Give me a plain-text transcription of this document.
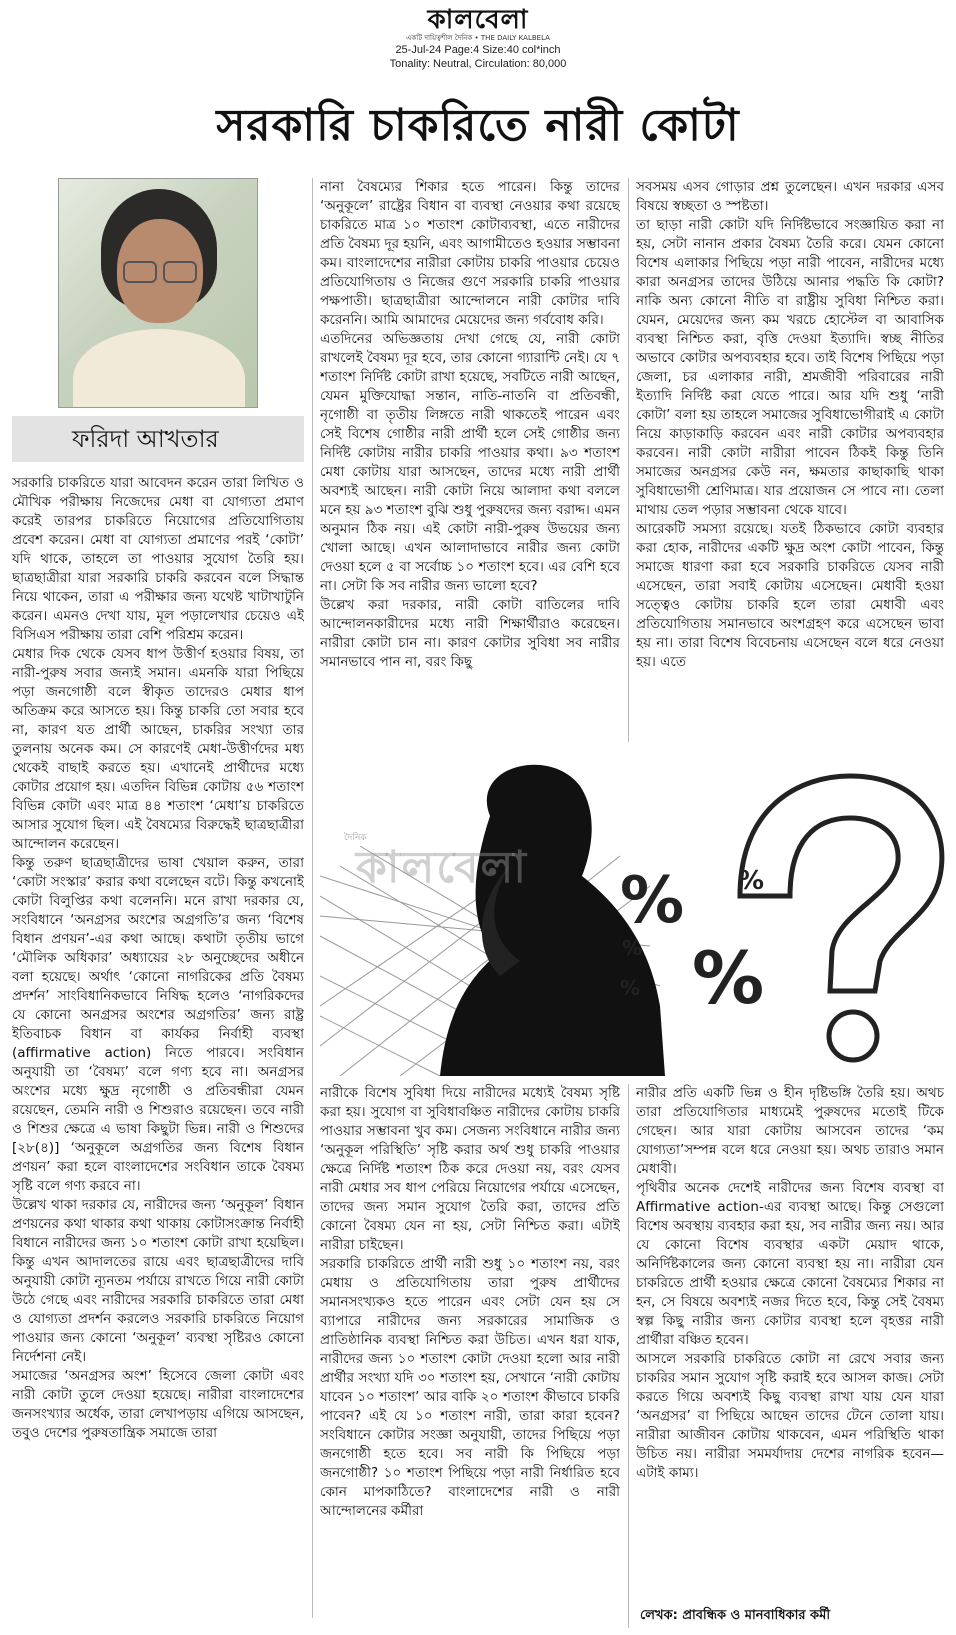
কালবেলা
একটি দায়িত্বশীল দৈনিক • THE DAILY KALBELA
25-Jul-24 Page:4 Size:40 col*inch
Tonality: Neutral, Circulation: 80,000
সরকারি চাকরিতে নারী কোটা
ফরিদা আখতার

সরকারি চাকরিতে যারা আবেদন করেন তারা লিখিত ও মৌখিক পরীক্ষায় নিজেদের মেধা বা যোগ্যতা প্রমাণ করেই তারপর চাকরিতে নিয়োগের প্রতিযোগিতায় প্রবেশ করেন। মেধা বা যোগ্যতা প্রমাণের পরই ‘কোটা’ যদি থাকে, তাহলে তা পাওয়ার সুযোগ তৈরি হয়। ছাত্রছাত্রীরা যারা সরকারি চাকরি করবেন বলে সিদ্ধান্ত নিয়ে থাকেন, তারা এ পরীক্ষার জন্য যথেষ্ট খাটাখাটুনি করেন। এমনও দেখা যায়, মূল পড়ালেখার চেয়েও এই বিসিএস পরীক্ষায় তারা বেশি পরিশ্রম করেন।

মেধার দিক থেকে যেসব ধাপ উত্তীর্ণ হওয়ার বিষয়, তা নারী-পুরুষ সবার জন্যই সমান। এমনকি যারা পিছিয়ে পড়া জনগোষ্ঠী বলে স্বীকৃত তাদেরও মেধার ধাপ অতিক্রম করে আসতে হয়। কিন্তু চাকরি তো সবার হবে না, কারণ যত প্রার্থী আছেন, চাকরির সংখ্যা তার তুলনায় অনেক কম। সে কারণেই মেধা-উত্তীর্ণদের মধ্য থেকেই বাছাই করতে হয়। এখানেই প্রার্থীদের মধ্যে কোটার প্রয়োগ হয়। এতদিন বিভিন্ন কোটায় ৫৬ শতাংশ বিভিন্ন কোটা এবং মাত্র ৪৪ শতাংশ ‘মেধা’য় চাকরিতে আসার সুযোগ ছিল। এই বৈষম্যের বিরুদ্ধেই ছাত্রছাত্রীরা আন্দোলন করেছেন।

কিন্তু তরুণ ছাত্রছাত্রীদের ভাষা খেয়াল করুন, তারা ‘কোটা সংস্কার’ করার কথা বলেছেন বটে। কিন্তু কখনোই কোটা বিলুপ্তির কথা বলেননি। মনে রাখা দরকার যে, সংবিধানে ‘অনগ্রসর অংশের অগ্রগতি’র জন্য ‘বিশেষ বিধান প্রণয়ন’-এর কথা আছে। কথাটা তৃতীয় ভাগে ‘মৌলিক অধিকার’ অধ্যায়ের ২৮ অনুচ্ছেদের অধীনে বলা হয়েছে। অর্থাৎ ‘কোনো নাগরিকের প্রতি বৈষম্য প্রদর্শন’ সাংবিধানিকভাবে নিষিদ্ধ হলেও ‘নাগরিকদের যে কোনো অনগ্রসর অংশের অগ্রগতির’ জন্য রাষ্ট্র ইতিবাচক বিধান বা কার্যকর নির্বাহী ব্যবস্থা (affirmative action) নিতে পারবে। সংবিধান অনুযায়ী তা ‘বৈষম্য’ বলে গণ্য হবে না। অনগ্রসর অংশের মধ্যে ক্ষুদ্র নৃগোষ্ঠী ও প্রতিবন্ধীরা যেমন রয়েছেন, তেমনি নারী ও শিশুরাও রয়েছেন। তবে নারী ও শিশুর ক্ষেত্রে এ ভাষা কিছুটা ভিন্ন। নারী ও শিশুদের [২৮(৪)] ‘অনুকূলে অগ্রগতির জন্য বিশেষ বিধান প্রণয়ন’ করা হলে বাংলাদেশের সংবিধান তাকে বৈষম্য সৃষ্টি বলে গণ্য করবে না।

উল্লেখ থাকা দরকার যে, নারীদের জন্য ‘অনুকূল’ বিধান প্রণয়নের কথা থাকার কথা থাকায় কোটাসংক্রান্ত নির্বাহী বিধানে নারীদের জন্য ১০ শতাংশ কোটা রাখা হয়েছিল। কিন্তু এখন আদালতের রায়ে এবং ছাত্রছাত্রীদের দাবি অনুযায়ী কোটা ন্যূনতম পর্যায়ে রাখতে গিয়ে নারী কোটা উঠে গেছে এবং নারীদের সরকারি চাকরিতে তারা মেধা ও যোগ্যতা প্রদর্শন করলেও সরকারি চাকরিতে নিয়োগ পাওয়ার জন্য কোনো ‘অনুকূল’ ব্যবস্থা সৃষ্টিরও কোনো নির্দেশনা নেই।

সমাজের ‘অনগ্রসর অংশ’ হিসেবে জেলা কোটা এবং নারী কোটা তুলে দেওয়া হয়েছে। নারীরা বাংলাদেশের জনসংখ্যার অর্ধেক, তারা লেখাপড়ায় এগিয়ে আসছেন, তবুও দেশের পুরুষতান্ত্রিক সমাজে তারা

নানা বৈষম্যের শিকার হতে পারেন। কিন্তু তাদের ‘অনুকূলে’ রাষ্ট্রের বিধান বা ব্যবস্থা নেওয়ার কথা রয়েছে চাকরিতে মাত্র ১০ শতাংশ কোটাব্যবস্থা, এতে নারীদের প্রতি বৈষম্য দূর হয়নি, এবং আগামীতেও হওয়ার সম্ভাবনা কম। বাংলাদেশের নারীরা কোটায় চাকরি পাওয়ার চেয়েও প্রতিযোগিতায় ও নিজের গুণে সরকারি চাকরি পাওয়ার পক্ষপাতী। ছাত্রছাত্রীরা আন্দোলনে নারী কোটার দাবি করেননি। আমি আমাদের মেয়েদের জন্য গর্ববোধ করি।

এতদিনের অভিজ্ঞতায় দেখা গেছে যে, নারী কোটা রাখলেই বৈষম্য দূর হবে, তার কোনো গ্যারান্টি নেই। যে ৭ শতাংশ নির্দিষ্ট কোটা রাখা হয়েছে, সবটিতে নারী আছেন, যেমন মুক্তিযোদ্ধা সন্তান, নাতি-নাতনি বা প্রতিবন্ধী, নৃগোষ্ঠী বা তৃতীয় লিঙ্গতে নারী থাকতেই পারেন এবং সেই বিশেষ গোষ্ঠীর নারী প্রার্থী হলে সেই গোষ্ঠীর জন্য নির্দিষ্ট কোটায় নারীর চাকরি পাওয়ার কথা। ৯৩ শতাংশ মেধা কোটায় যারা আসছেন, তাদের মধ্যে নারী প্রার্থী অবশ্যই আছেন। নারী কোটা নিয়ে আলাদা কথা বললে মনে হয় ৯৩ শতাংশ বুঝি শুধু পুরুষদের জন্য বরাদ্দ। এমন অনুমান ঠিক নয়। এই কোটা নারী-পুরুষ উভয়ের জন্য খোলা আছে। এখন আলাদাভাবে নারীর জন্য কোটা দেওয়া হলে ৫ বা সর্বোচ্চ ১০ শতাংশ হবে। এর বেশি হবে না। সেটা কি সব নারীর জন্য ভালো হবে?

উল্লেখ করা দরকার, নারী কোটা বাতিলের দাবি আন্দোলনকারীদের মধ্যে নারী শিক্ষার্থীরাও করেছেন। নারীরা কোটা চান না। কারণ কোটার সুবিধা সব নারীর সমানভাবে পান না, বরং কিছু

সবসময় এসব গোড়ার প্রশ্ন তুলেছেন। এখন দরকার এসব বিষয়ে স্বচ্ছতা ও স্পষ্টতা।

তা ছাড়া নারী কোটা যদি নির্দিষ্টভাবে সংজ্ঞায়িত করা না হয়, সেটা নানান প্রকার বৈষম্য তৈরি করে। যেমন কোনো বিশেষ এলাকার পিছিয়ে পড়া নারী পাবেন, নারীদের মধ্যে কারা অনগ্রসর তাদের উঠিয়ে আনার পদ্ধতি কি কোটা? নাকি অন্য কোনো নীতি বা রাষ্ট্রীয় সুবিধা নিশ্চিত করা। যেমন, মেয়েদের জন্য কম খরচে হোস্টেল বা আবাসিক ব্যবস্থা নিশ্চিত করা, বৃত্তি দেওয়া ইত্যাদি। স্বচ্ছ নীতির অভাবে কোটার অপব্যবহার হবে। তাই বিশেষ পিছিয়ে পড়া জেলা, চর এলাকার নারী, শ্রমজীবী পরিবারের নারী ইত্যাদি নির্দিষ্ট করা যেতে পারে। আর যদি শুধু ‘নারী কোটা’ বলা হয় তাহলে সমাজের সুবিধাভোগীরাই এ কোটা নিয়ে কাড়াকাড়ি করবেন এবং নারী কোটার অপব্যবহার করবেন। নারী কোটা নারীরা পাবেন ঠিকই কিন্তু তিনি সমাজের অনগ্রসর কেউ নন, ক্ষমতার কাছাকাছি থাকা সুবিধাভোগী শ্রেণিমাত্র। যার প্রয়োজন সে পাবে না। তেলা মাথায় তেল পড়ার সম্ভাবনা থেকে যাবে।

আরেকটি সমস্যা রয়েছে। যতই ঠিকভাবে কোটা ব্যবহার করা হোক, নারীদের একটি ক্ষুদ্র অংশ কোটা পাবেন, কিন্তু সমাজে ধারণা করা হবে সরকারি চাকরিতে যেসব নারী এসেছেন, তারা সবাই কোটায় এসেছেন। মেধাবী হওয়া সত্ত্বেও কোটায় চাকরি হলে তারা মেধাবী এবং প্রতিযোগিতায় সমানভাবে অংশগ্রহণ করে এসেছেন ভাবা হয় না। তারা বিশেষ বিবেচনায় এসেছেন বলে ধরে নেওয়া হয়। এতে

কালবেলা
দৈনিক
%
%
%
%
%

নারীকে বিশেষ সুবিধা দিয়ে নারীদের মধ্যেই বৈষম্য সৃষ্টি করা হয়। সুযোগ বা সুবিধাবঞ্চিত নারীদের কোটায় চাকরি পাওয়ার সম্ভাবনা খুব কম। সেজন্য সংবিধানে নারীর জন্য ‘অনুকূল পরিস্থিতি’ সৃষ্টি করার অর্থ শুধু চাকরি পাওয়ার ক্ষেত্রে নির্দিষ্ট শতাংশ ঠিক করে দেওয়া নয়, বরং যেসব নারী মেধার সব ধাপ পেরিয়ে নিয়োগের পর্যায়ে এসেছেন, তাদের জন্য সমান সুযোগ তৈরি করা, তাদের প্রতি কোনো বৈষম্য যেন না হয়, সেটা নিশ্চিত করা। এটাই নারীরা চাইছেন।

সরকারি চাকরিতে প্রার্থী নারী শুধু ১০ শতাংশ নয়, বরং মেধায় ও প্রতিযোগিতায় তারা পুরুষ প্রার্থীদের সমানসংখ্যকও হতে পারেন এবং সেটা যেন হয় সে ব্যাপারে নারীদের জন্য সরকারের সামাজিক ও প্রাতিষ্ঠানিক ব্যবস্থা নিশ্চিত করা উচিত। এখন ধরা যাক, নারীদের জন্য ১০ শতাংশ কোটা দেওয়া হলো আর নারী প্রার্থীর সংখ্যা যদি ৩০ শতাংশ হয়, সেখানে ‘নারী কোটায় যাবেন ১০ শতাংশ’ আর বাকি ২০ শতাংশ কীভাবে চাকরি পাবেন? এই যে ১০ শতাংশ নারী, তারা কারা হবেন? সংবিধানে কোটার সংজ্ঞা অনুযায়ী, তাদের পিছিয়ে পড়া জনগোষ্ঠী হতে হবে। সব নারী কি পিছিয়ে পড়া জনগোষ্ঠী? ১০ শতাংশ পিছিয়ে পড়া নারী নির্ধারিত হবে কোন মাপকাঠিতে? বাংলাদেশের নারী ও নারী আন্দোলনের কর্মীরা

নারীর প্রতি একটি ভিন্ন ও হীন দৃষ্টিভঙ্গি তৈরি হয়। অথচ তারা প্রতিযোগিতার মাধ্যমেই পুরুষদের মতোই টিকে গেছেন। আর যারা কোটায় আসবেন তাদের ‘কম যোগ্যতা’সম্পন্ন বলে ধরে নেওয়া হয়। অথচ তারাও সমান মেধাবী।

পৃথিবীর অনেক দেশেই নারীদের জন্য বিশেষ ব্যবস্থা বা Affirmative action-এর ব্যবস্থা আছে। কিন্তু সেগুলো বিশেষ অবস্থায় ব্যবহার করা হয়, সব নারীর জন্য নয়। আর যে কোনো বিশেষ ব্যবস্থার একটা মেয়াদ থাকে, অনির্দিষ্টকালের জন্য কোনো ব্যবস্থা হয় না। নারীরা যেন চাকরিতে প্রার্থী হওয়ার ক্ষেত্রে কোনো বৈষম্যের শিকার না হন, সে বিষয়ে অবশ্যই নজর দিতে হবে, কিন্তু সেই বৈষম্য স্বল্প কিছু নারীর জন্য কোটার ব্যবস্থা হলে বৃহত্তর নারী প্রার্থীরা বঞ্চিত হবেন।

আসলে সরকারি চাকরিতে কোটা না রেখে সবার জন্য চাকরির সমান সুযোগ সৃষ্টি করাই হবে আসল কাজ। সেটা করতে গিয়ে অবশ্যই কিছু ব্যবস্থা রাখা যায় যেন যারা ‘অনগ্রসর’ বা পিছিয়ে আছেন তাদের টেনে তোলা যায়। নারীরা আজীবন কোটায় থাকবেন, এমন পরিস্থিতি থাকা উচিত নয়। নারীরা সমমর্যাদায় দেশের নাগরিক হবেন—এটাই কাম্য।

লেখক: প্রাবন্ধিক ও মানবাধিকার কর্মী
